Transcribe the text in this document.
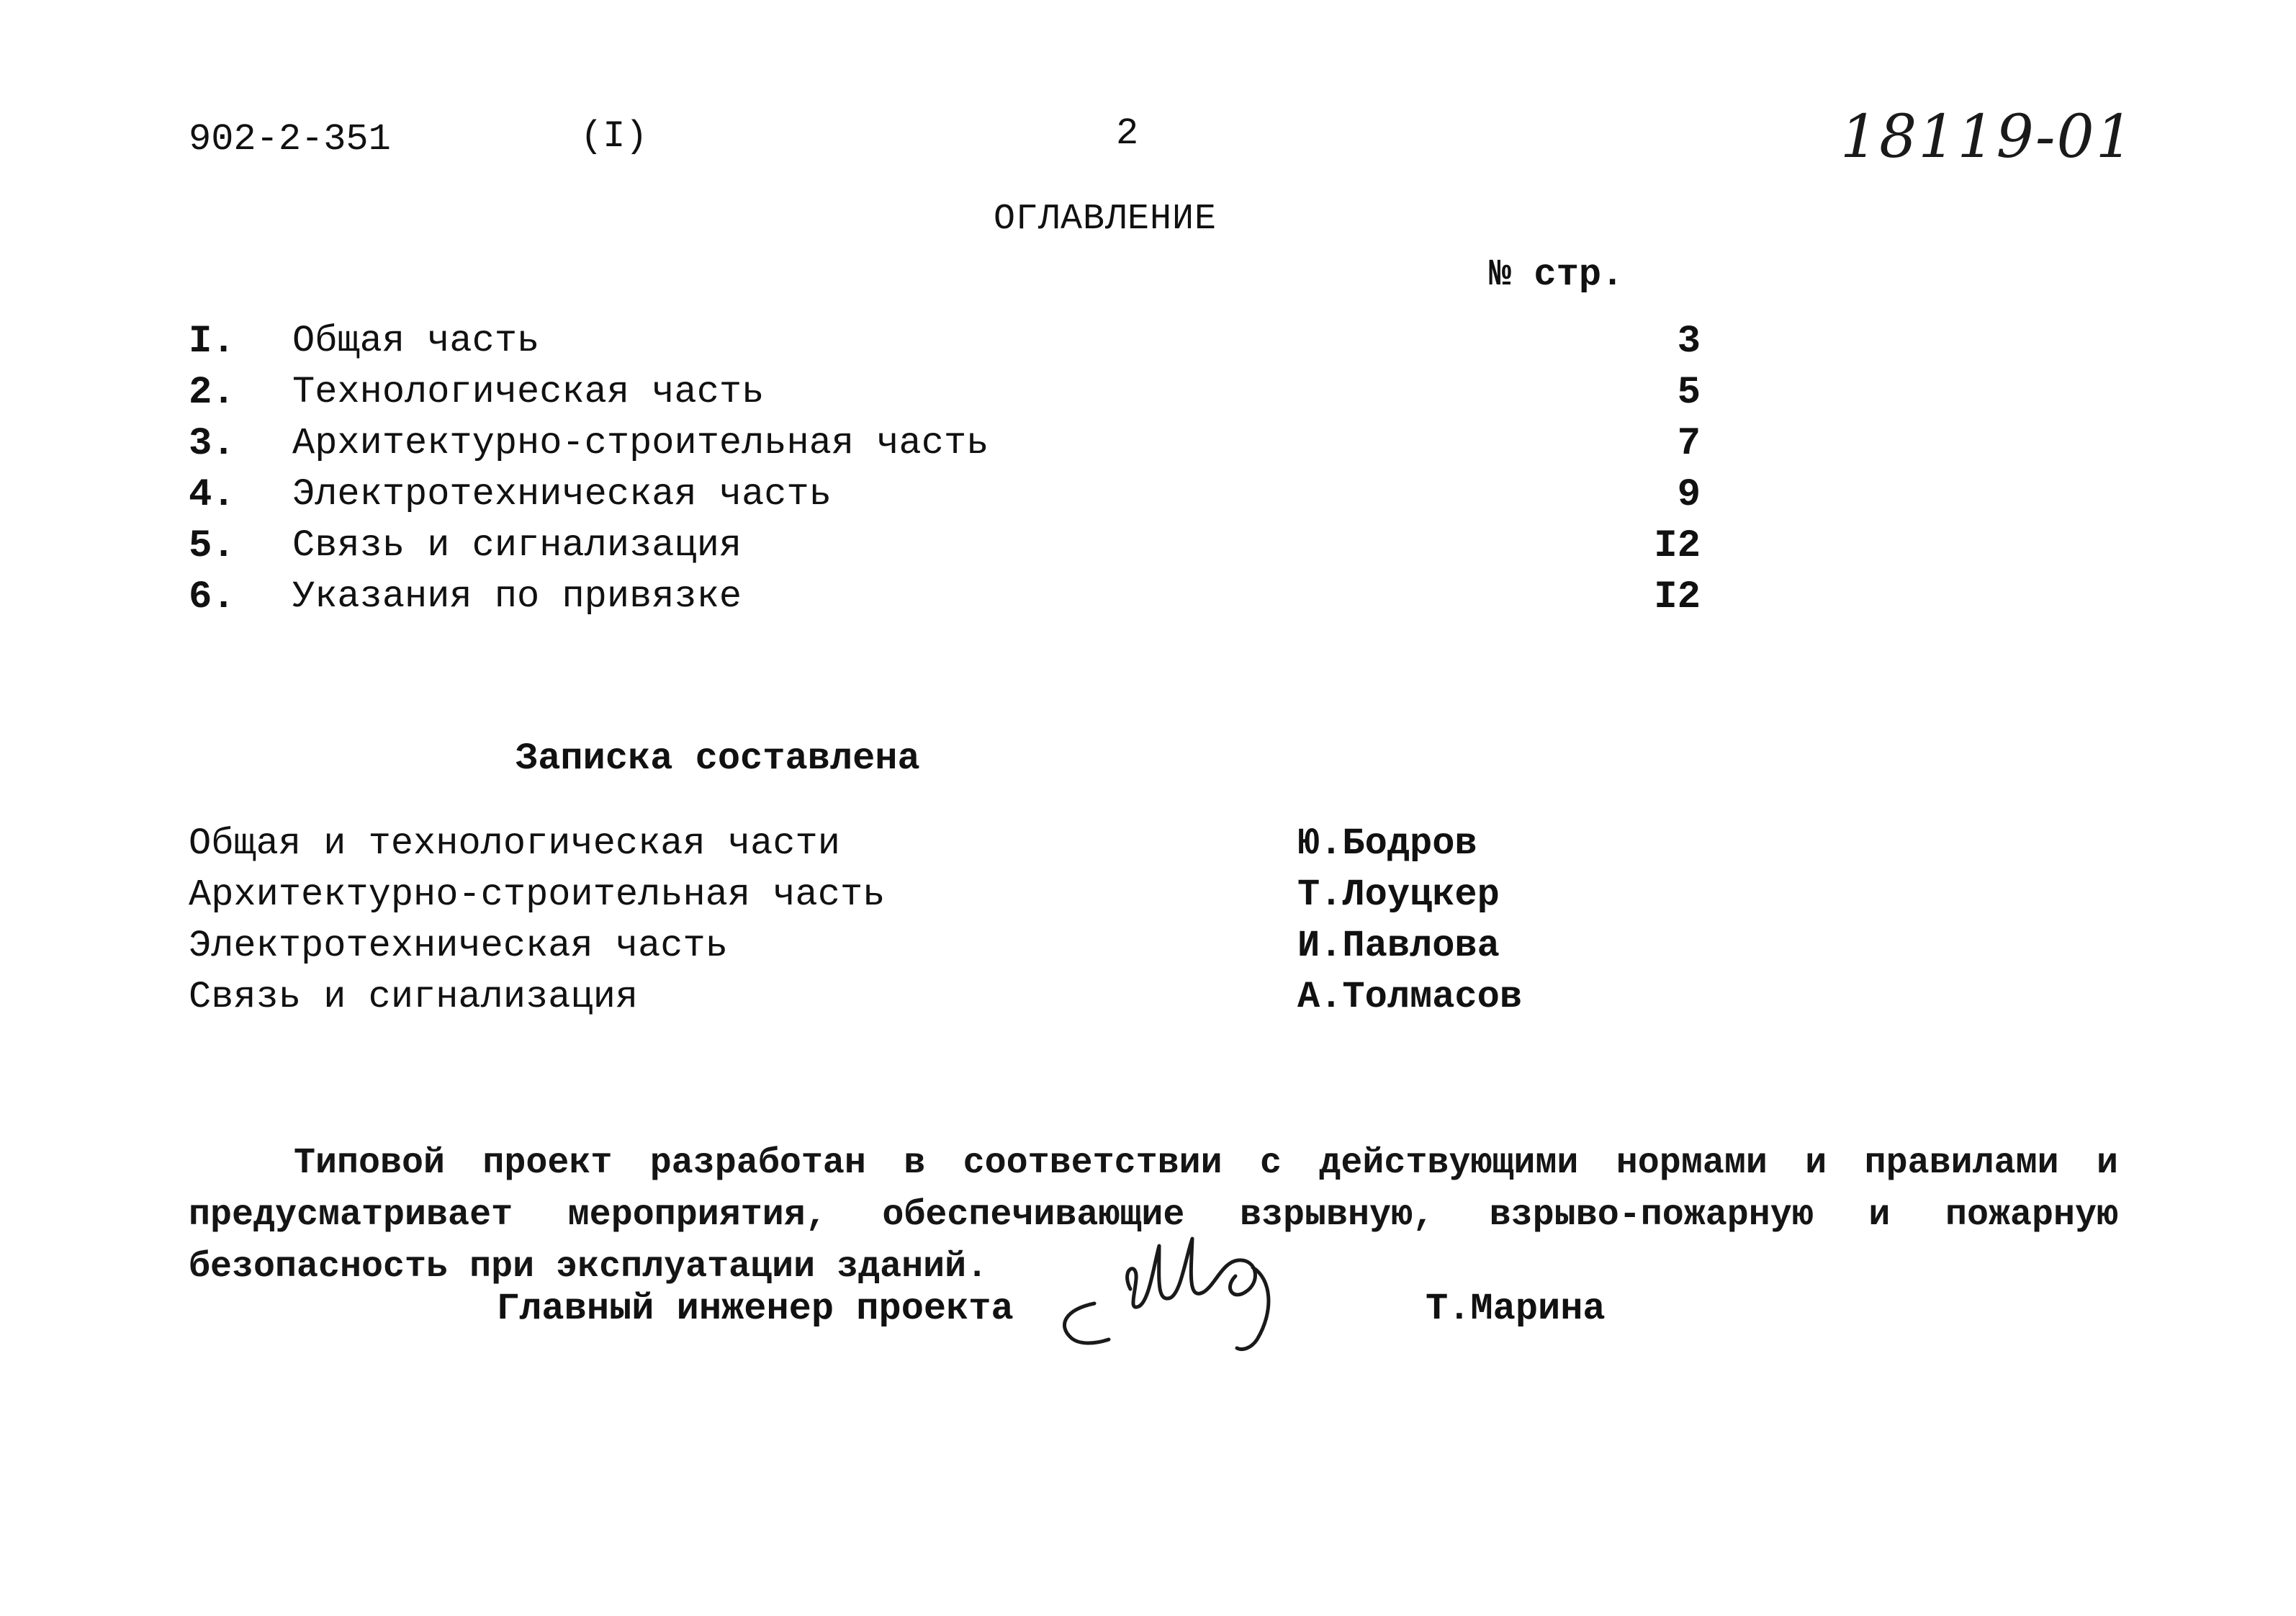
902-2-351	(I)	2	18119-01
ОГЛАВЛЕНИЕ
№ стр.
I. Общая часть	3
2. Технологическая часть	5
3. Архитектурно-строительная часть	7
4. Электротехническая часть	9
5. Связь и сигнализация	I2
6. Указания по привязке	I2
Записка составлена
Общая и технологическая части	Ю.Бодров
Архитектурно-строительная часть	Т.Лоуцкер
Электротехническая часть	И.Павлова
Связь и сигнализация	А.Толмасов

Типовой проект разработан в соответствии с действующими нормами и правилами и предусматривает мероприятия, обеспечивающие взрывную, взрыво-пожарную и пожарную безопасность при эксплуатации зданий.

Главный инженер проекта	Т.Марина
